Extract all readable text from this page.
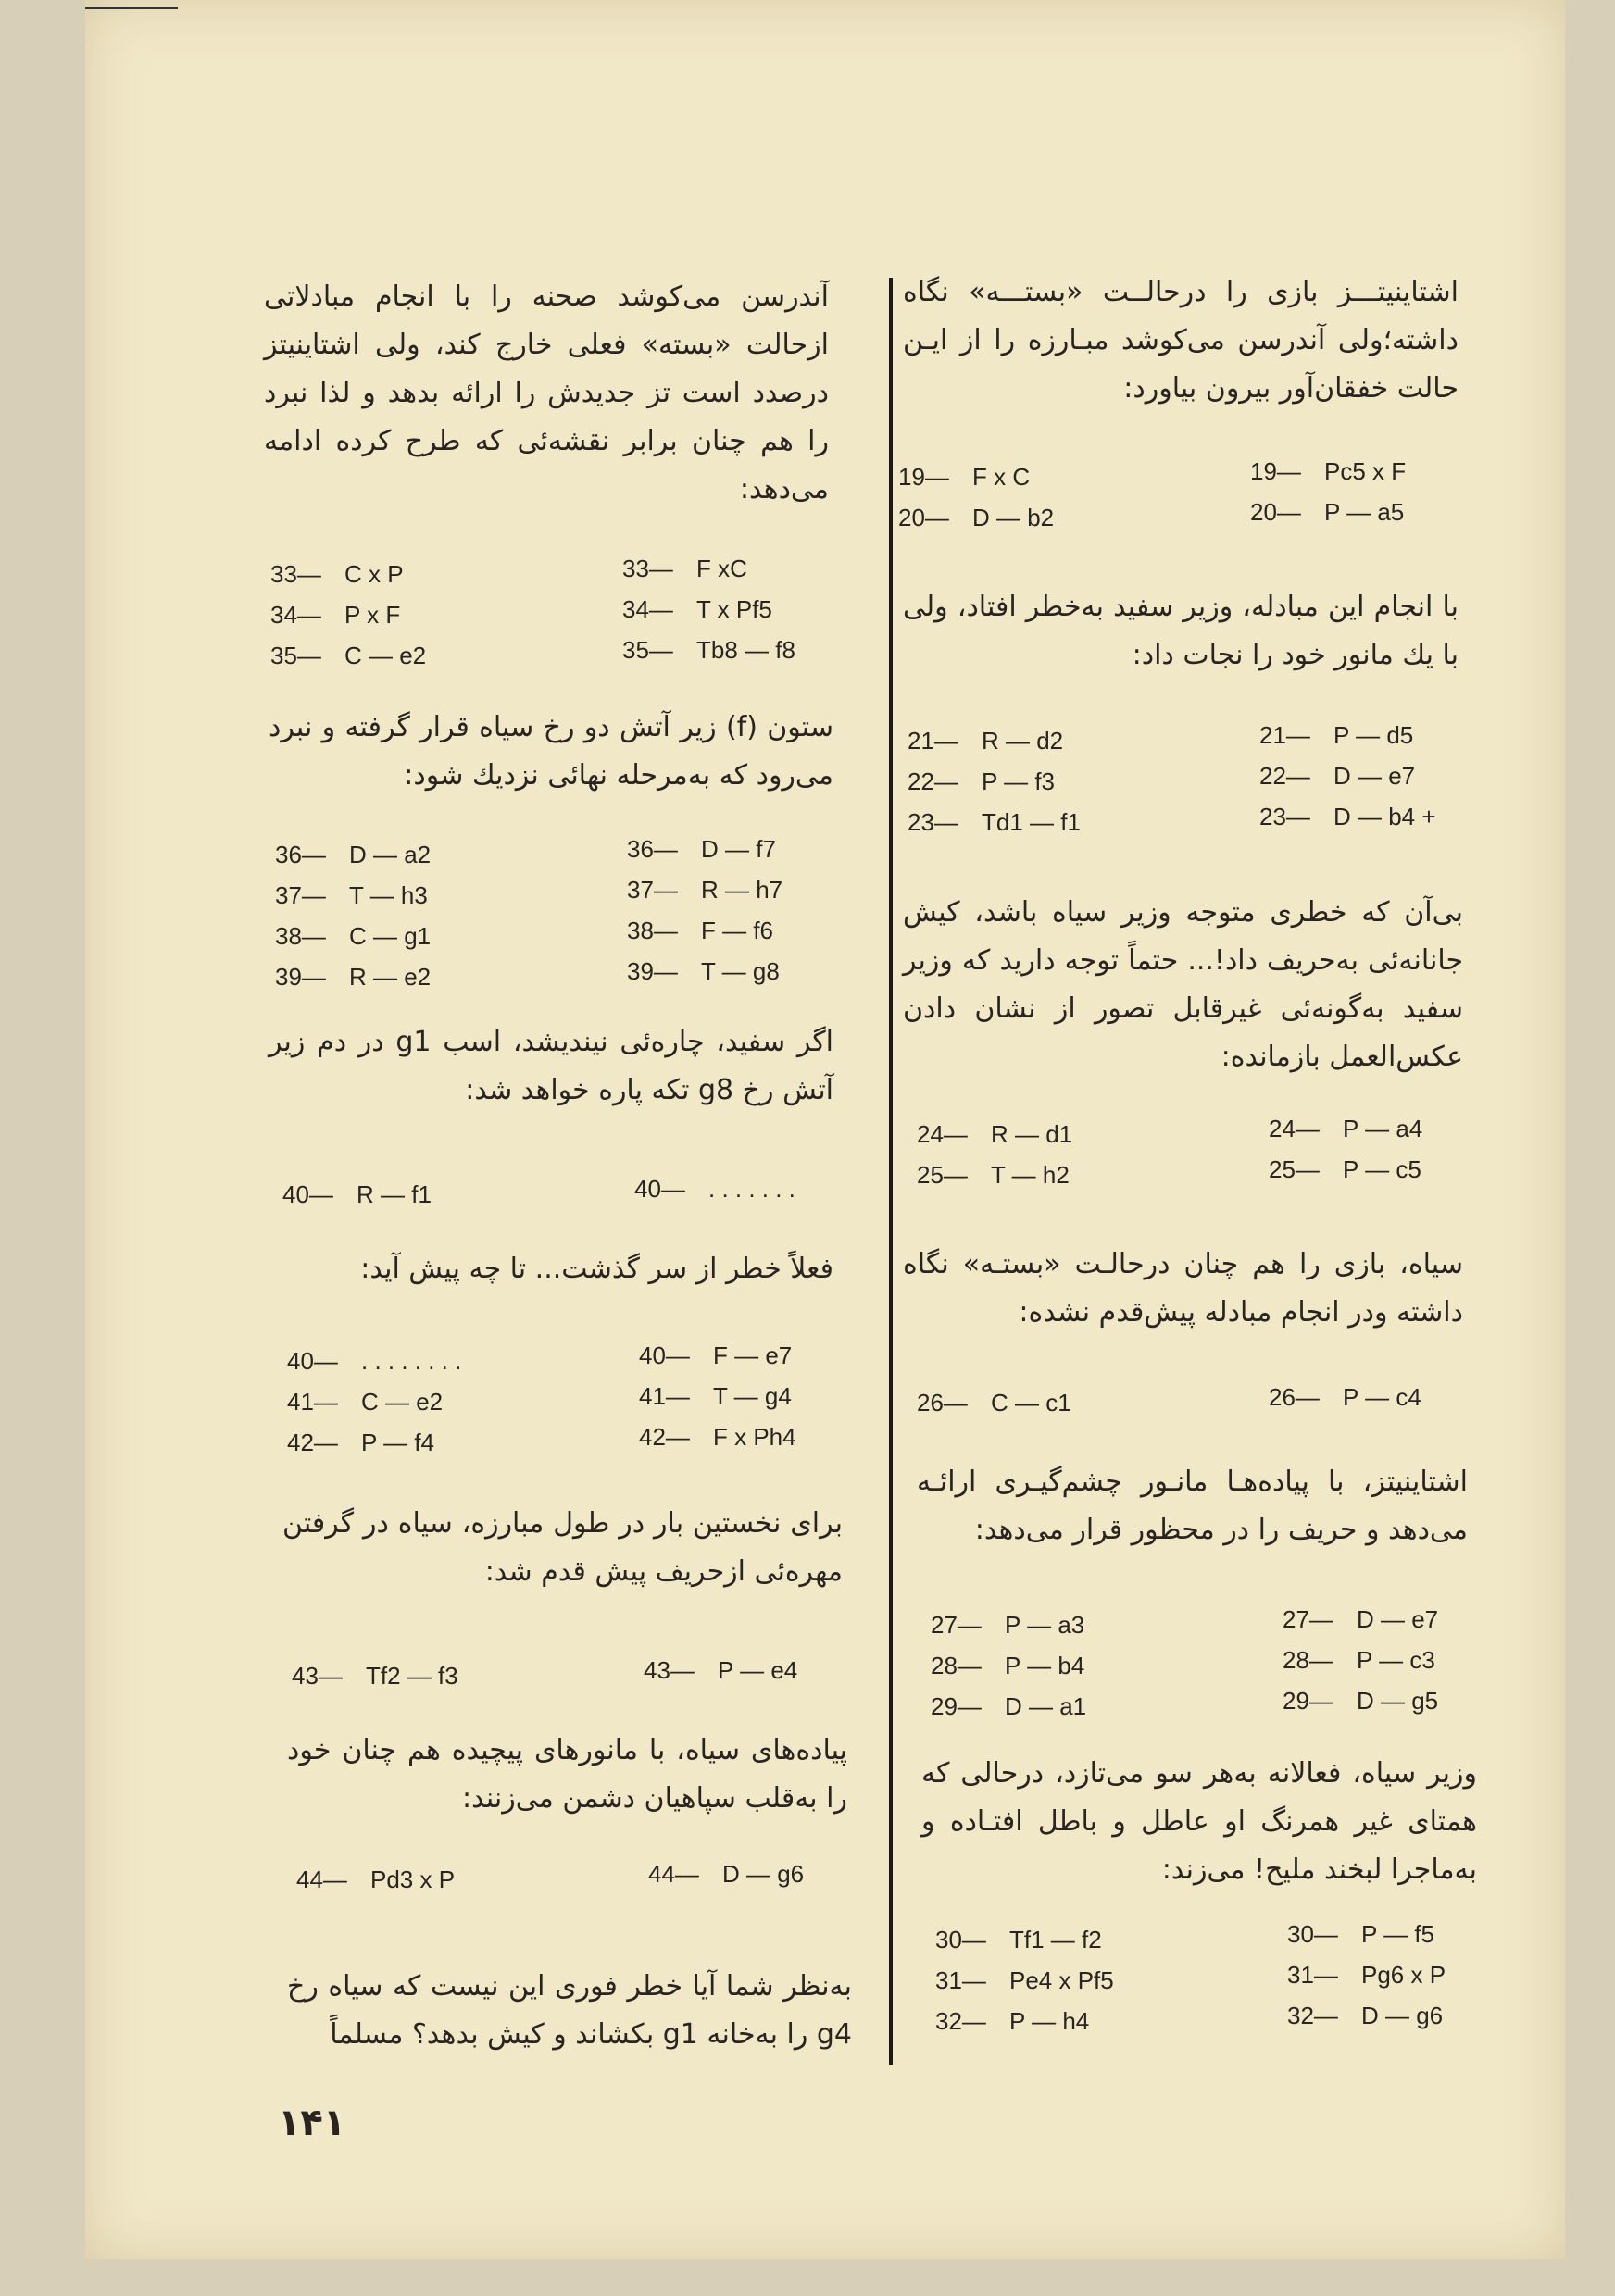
اشتاینیتـــز بازی را درحالــت «بستـــه» نگاه داشته؛ولی آندرسن می‌کوشد مبـارزه را از ایـن حالت خفقان‌آور بیرون بیاورد:
19— F x C	19— Pc5 x F
20— D — b2	20— P — a5
با انجام این مبادله، وزیر سفید به‌خطر افتاد، ولی با یك مانور خود را نجات داد:
21— R — d2	21— P — d5
22— P — f3	22— D — e7
23— Td1 — f1	23— D — b4 +
بی‌آن که خطری متوجه وزیر سیاه باشد، کیش جانانه‌ئی به‌حریف داد!... حتماً توجه دارید که وزیر سفید به‌گونه‌ئی غیرقابل تصور از نشان دادن عکس‌العمل بازمانده:
24— R — d1	24— P — a4
25— T — h2	25— P — c5
سیاه، بازی را هم چنان درحالـت «بستـه» نگاه داشته ودر انجام مبادله پیش‌قدم نشده:
26— C — c1	26— P — c4
اشتاینیتز، با پیاده‌هـا مانـور چشم‌گیـری ارائـه می‌دهد و حریف را در محظور قرار می‌دهد:
27— P — a3	27— D — e7
28— P — b4	28— P — c3
29— D — a1	29— D — g5
وزیر سیاه، فعالانه به‌هر سو می‌تازد، درحالی که همتای غیر همرنگ او عاطل و باطل افتـاده و به‌ماجرا لبخند ملیح! می‌زند:
30— Tf1 — f2	30— P — f5
31— Pe4 x Pf5	31— Pg6 x P
32— P — h4	32— D — g6
آندرسن می‌کوشد صحنه را با انجام مبادلاتی ازحالت «بسته» فعلی خارج کند، ولی اشتاینیتز درصدد است تز جدیدش را ارائه بدهد و لذا نبرد را هم چنان برابر نقشه‌ئی که طرح کرده ادامه می‌دهد:
33— C x P	33— F xC
34— P x F	34— T x Pf5
35— C — e2	35— Tb8 — f8
ستون (f) زیر آتش دو رخ سیاه قرار گرفته و نبرد می‌رود که به‌مرحله نهائی نزدیك شود:
36— D — a2	36— D — f7
37— T — h3	37— R — h7
38— C — g1	38— F — f6
39— R — e2	39— T — g8
اگر سفید، چاره‌ئی نیندیشد، اسب g1 در دم زیر آتش رخ g8 تکه پاره خواهد شد:
40— R — f1	40— . . . . . . .
فعلاً خطر از سر گذشت... تا چه پیش آید:
40— . . . . . . . .	40— F — e7
41— C — e2	41— T — g4
42— P — f4	42— F x Ph4
برای نخستین بار در طول مبارزه، سیاه در گرفتن مهره‌ئی ازحریف پیش قدم شد:
43— Tf2 — f3	43— P — e4
پیاده‌های سیاه، با مانورهای پیچیده هم چنان خود را به‌قلب سپاهیان دشمن می‌زنند:
44— Pd3 x P	44— D — g6
به‌نظر شما آیا خطر فوری این نیست که سیاه رخ g4 را به‌خانه g1 بکشاند و کیش بدهد؟ مسلماً
۱۴۱
